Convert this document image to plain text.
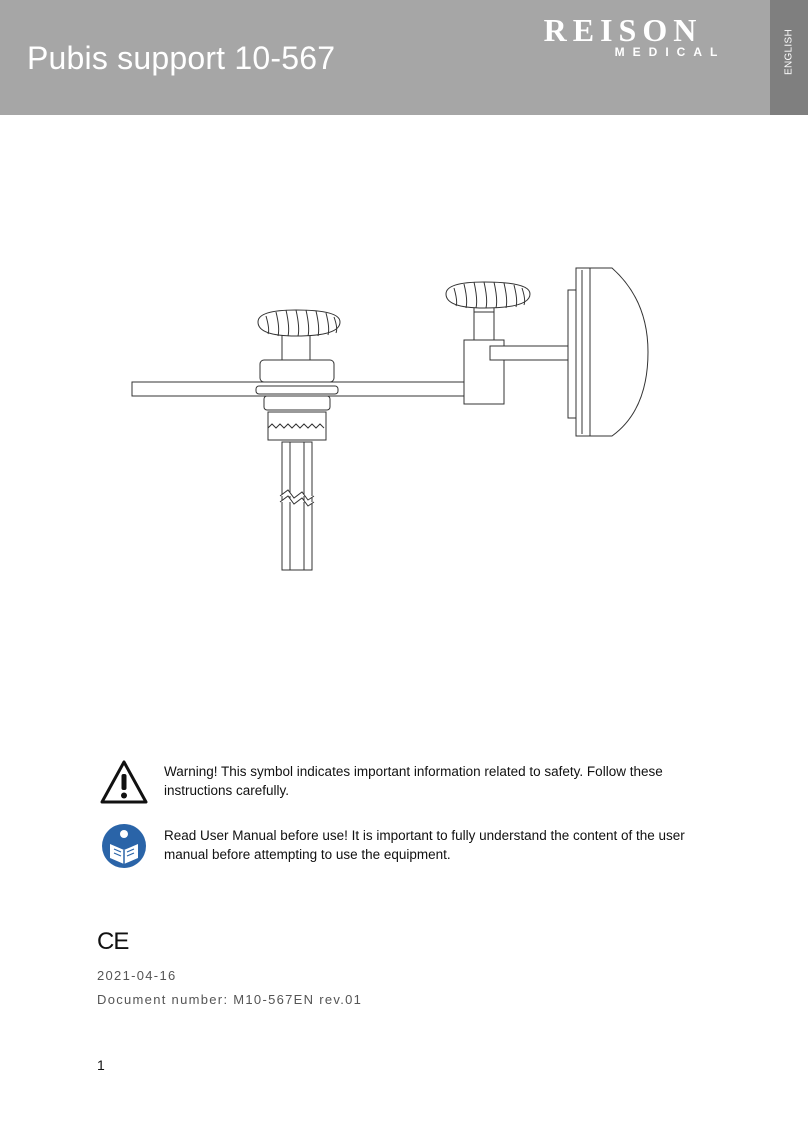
Pubis support 10-567
REISON
MEDICAL	ENGLISH
Warning! This symbol indicates important information related to safety. Follow these instructions carefully.
Read User Manual before use! It is important to fully understand the content of the user manual before attempting to use the equipment.
CE
2021-04-16
Document number: M10-567EN rev.01
1
